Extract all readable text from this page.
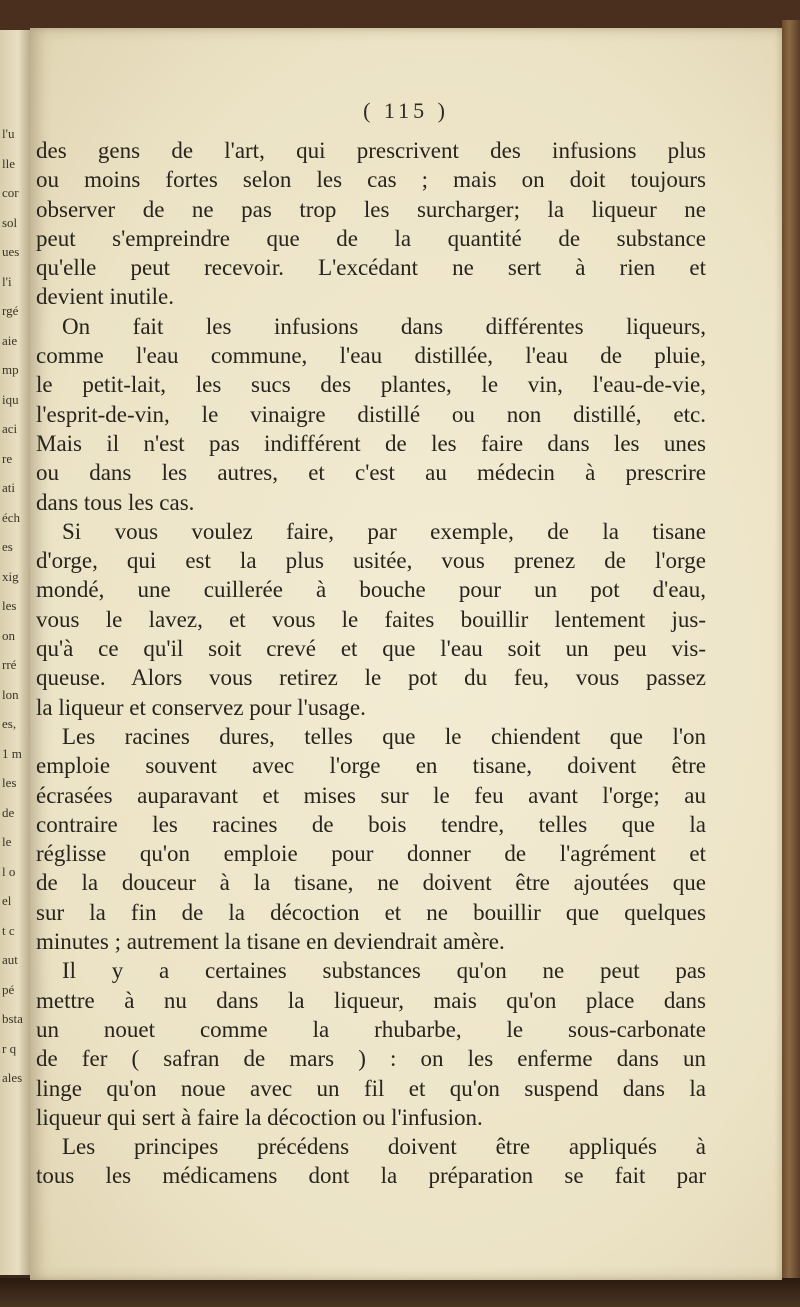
l'u
lle
cor
sol
ues
l'i
rgé
aie
mp
iqu
aci
re
ati
éch
es
xig
les
on
rré
lon
es,
1 m
les
de
le
l o
el
t c
aut
pé
bsta
r q
ales
( 115 )

des gens de l'art, qui prescrivent des infusions plus
ou moins fortes selon les cas ; mais on doit toujours
observer de ne pas trop les surcharger; la liqueur ne
peut s'empreindre que de la quantité de substance
qu'elle peut recevoir. L'excédant ne sert à rien et
devient inutile.

On fait les infusions dans différentes liqueurs,
comme l'eau commune, l'eau distillée, l'eau de pluie,
le petit-lait, les sucs des plantes, le vin, l'eau-de-vie,
l'esprit-de-vin, le vinaigre distillé ou non distillé, etc.
Mais il n'est pas indifférent de les faire dans les unes
ou dans les autres, et c'est au médecin à prescrire
dans tous les cas.

Si vous voulez faire, par exemple, de la tisane
d'orge, qui est la plus usitée, vous prenez de l'orge
mondé, une cuillerée à bouche pour un pot d'eau,
vous le lavez, et vous le faites bouillir lentement jus-
qu'à ce qu'il soit crevé et que l'eau soit un peu vis-
queuse. Alors vous retirez le pot du feu, vous passez
la liqueur et conservez pour l'usage.

Les racines dures, telles que le chiendent que l'on
emploie souvent avec l'orge en tisane, doivent être
écrasées auparavant et mises sur le feu avant l'orge; au
contraire les racines de bois tendre, telles que la
réglisse qu'on emploie pour donner de l'agrément et
de la douceur à la tisane, ne doivent être ajoutées que
sur la fin de la décoction et ne bouillir que quelques
minutes ; autrement la tisane en deviendrait amère.

Il y a certaines substances qu'on ne peut pas
mettre à nu dans la liqueur, mais qu'on place dans
un nouet comme la rhubarbe, le sous-carbonate
de fer ( safran de mars ) : on les enferme dans un
linge qu'on noue avec un fil et qu'on suspend dans la
liqueur qui sert à faire la décoction ou l'infusion.

Les principes précédens doivent être appliqués à
tous les médicamens dont la préparation se fait par
